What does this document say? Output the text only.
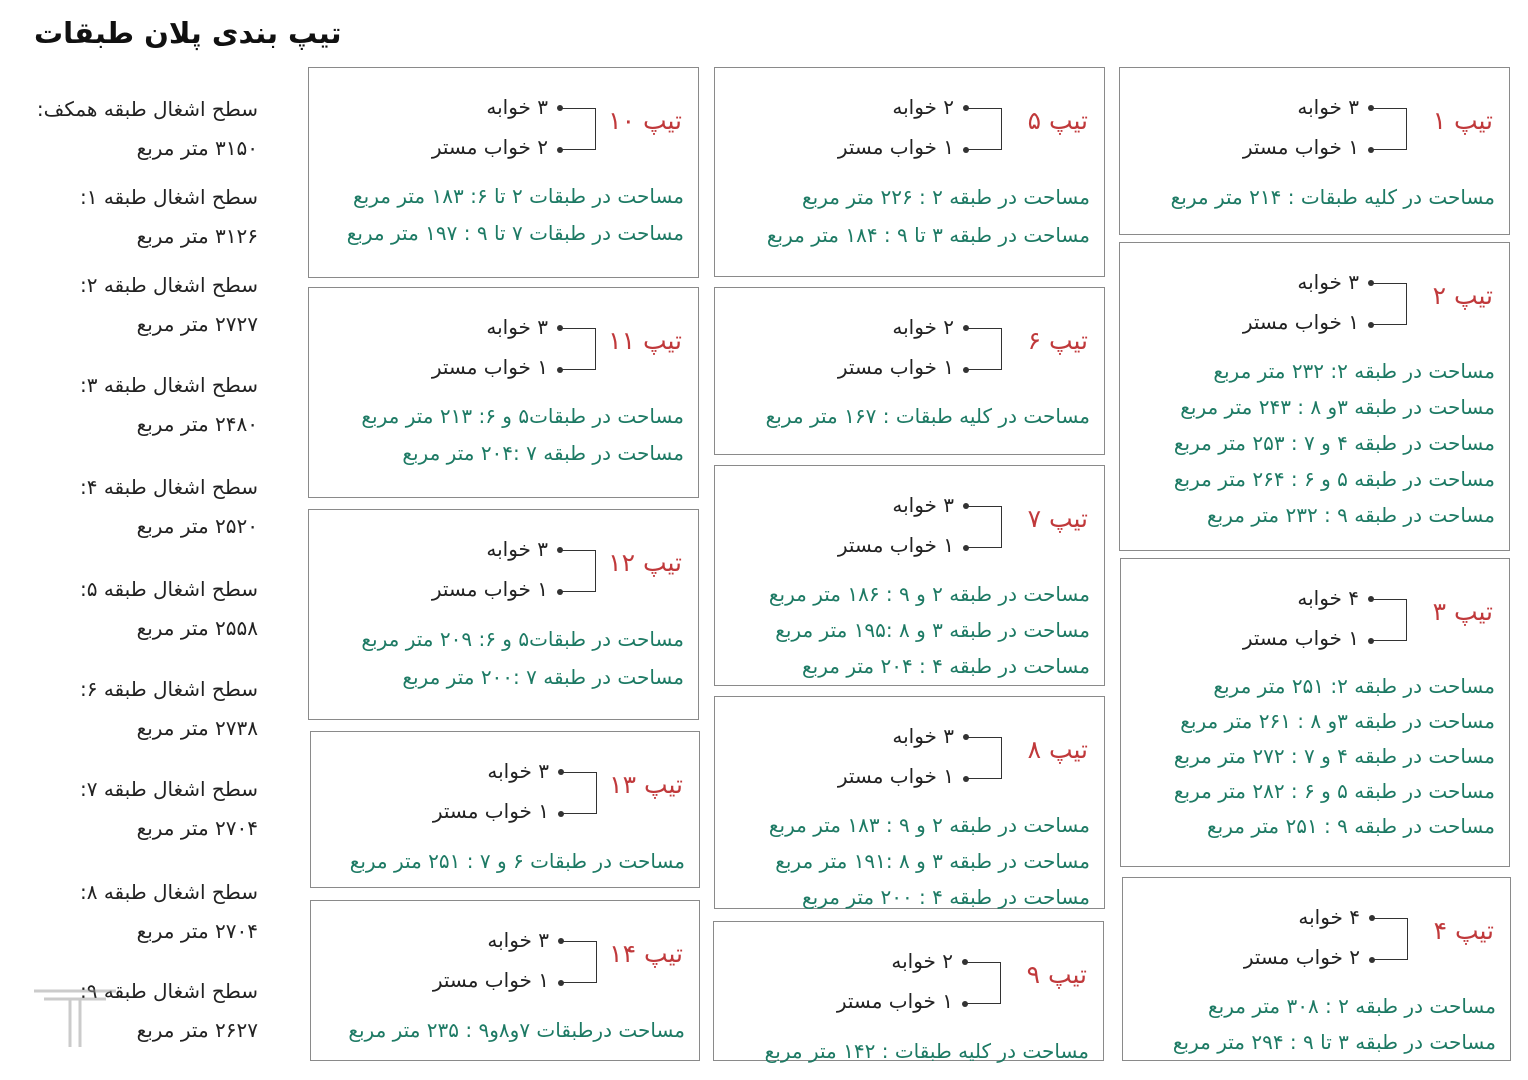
تیپ بندی پلان طبقات
سطح اشغال طبقه همکف:
۳۱۵۰ متر مربع
سطح اشغال طبقه ۱:
۳۱۲۶ متر مربع
سطح اشغال طبقه ۲:
۲۷۲۷ متر مربع
سطح اشغال طبقه ۳:
۲۴۸۰ متر مربع
سطح اشغال طبقه ۴:
۲۵۲۰ متر مربع
سطح اشغال طبقه ۵:
۲۵۵۸ متر مربع
سطح اشغال طبقه ۶:
۲۷۳۸ متر مربع
سطح اشغال طبقه ۷:
۲۷۰۴ متر مربع
سطح اشغال طبقه ۸:
۲۷۰۴ متر مربع
سطح اشغال طبقه ۹:
۲۶۲۷ متر مربع
تیپ ۱
۳ خوابه
۱ خواب مستر
مساحت در کلیه طبقات : ۲۱۴ متر مربع
تیپ ۲
۳ خوابه
۱ خواب مستر
مساحت در طبقه ۲: ۲۳۲ متر مربع
مساحت در طبقه ۳و ۸ : ۲۴۳ متر مربع
مساحت در طبقه ۴ و ۷ : ۲۵۳ متر مربع
مساحت در طبقه ۵ و ۶ : ۲۶۴ متر مربع
مساحت در طبقه ۹ : ۲۳۲ متر مربع
تیپ ۳
۴ خوابه
۱ خواب مستر
مساحت در طبقه ۲: ۲۵۱ متر مربع
مساحت در طبقه ۳و ۸ : ۲۶۱ متر مربع
مساحت در طبقه ۴ و ۷ : ۲۷۲ متر مربع
مساحت در طبقه ۵ و ۶ : ۲۸۲ متر مربع
مساحت در طبقه ۹ : ۲۵۱ متر مربع
تیپ ۴
۴ خوابه
۲ خواب مستر
مساحت در طبقه ۲ : ۳۰۸ متر مربع
مساحت در طبقه ۳ تا ۹ : ۲۹۴ متر مربع
تیپ ۵
۲ خوابه
۱ خواب مستر
مساحت در طبقه ۲ : ۲۲۶ متر مربع
مساحت در طبقه ۳ تا ۹ : ۱۸۴ متر مربع
تیپ ۶
۲ خوابه
۱ خواب مستر
مساحت در کلیه طبقات : ۱۶۷ متر مربع
تیپ ۷
۳ خوابه
۱ خواب مستر
مساحت در طبقه ۲ و ۹ : ۱۸۶ متر مربع
مساحت در طبقه ۳ و ۸ :۱۹۵ متر مربع
مساحت در طبقه ۴ : ۲۰۴ متر مربع
تیپ ۸
۳ خوابه
۱ خواب مستر
مساحت در طبقه ۲ و ۹ : ۱۸۳ متر مربع
مساحت در طبقه ۳ و ۸ :۱۹۱ متر مربع
مساحت در طبقه ۴ : ۲۰۰ متر مربع
تیپ ۹
۲ خوابه
۱ خواب مستر
مساحت در کلیه طبقات : ۱۴۲ متر مربع
تیپ ۱۰
۳ خوابه
۲ خواب مستر
مساحت در طبقات ۲ تا ۶: ۱۸۳ متر مربع
مساحت در طبقات ۷ تا ۹ : ۱۹۷ متر مربع
تیپ ۱۱
۳ خوابه
۱ خواب مستر
مساحت در طبقات۵ و ۶: ۲۱۳ متر مربع
مساحت در طبقه ۷ :۲۰۴ متر مربع
تیپ ۱۲
۳ خوابه
۱ خواب مستر
مساحت در طبقات۵ و ۶: ۲۰۹ متر مربع
مساحت در طبقه ۷ :۲۰۰ متر مربع
تیپ ۱۳
۳ خوابه
۱ خواب مستر
مساحت در طبقات ۶ و ۷ : ۲۵۱ متر مربع
تیپ ۱۴
۳ خوابه
۱ خواب مستر
مساحت درطبقات ۷و۸و۹ : ۲۳۵ متر مربع
